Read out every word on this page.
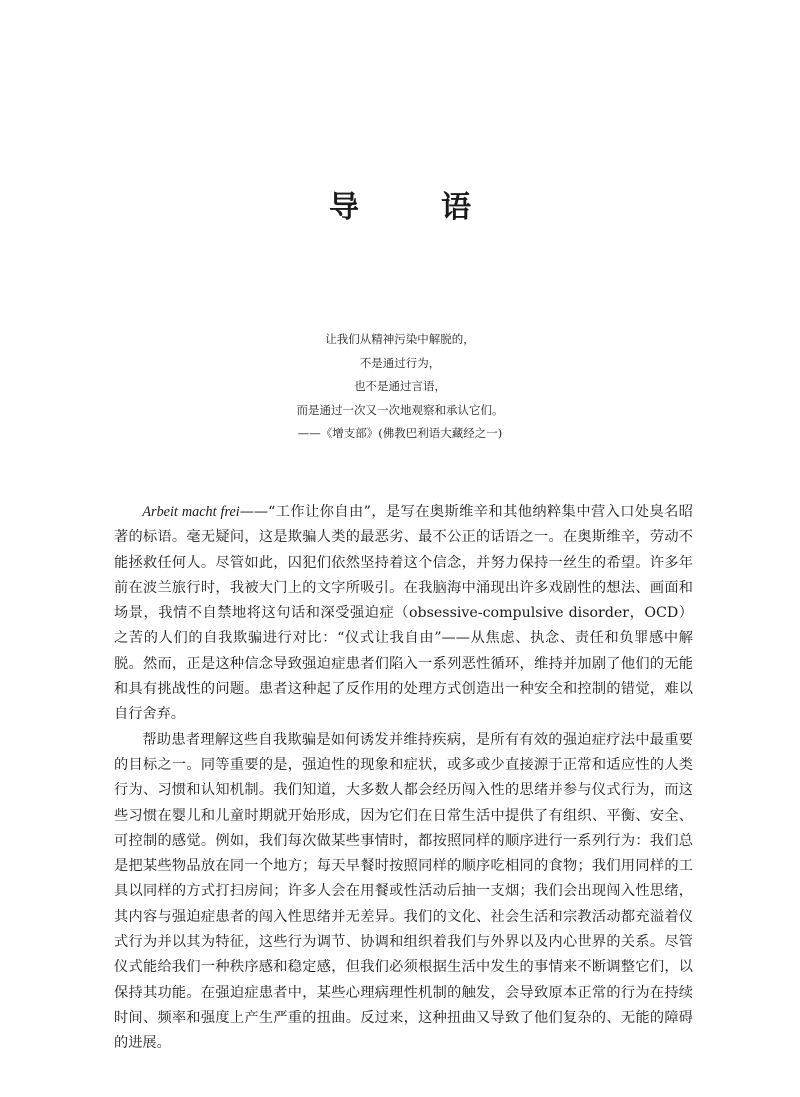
导　语

让我们从精神污染中解脱的，

不是通过行为，

也不是通过言语，

而是通过一次又一次地观察和承认它们。

——《增支部》(佛教巴利语大藏经之一)

Arbeit macht frei——“工作让你自由”，是写在奥斯维辛和其他纳粹集中营入口处臭名昭著的标语。毫无疑问，这是欺骗人类的最恶劣、最不公正的话语之一。在奥斯维辛，劳动不能拯救任何人。尽管如此，囚犯们依然坚持着这个信念，并努力保持一丝生的希望。许多年前在波兰旅行时，我被大门上的文字所吸引。在我脑海中涌现出许多戏剧性的想法、画面和场景，我情不自禁地将这句话和深受强迫症（obsessive-compulsive disorder，OCD）之苦的人们的自我欺骗进行对比：“仪式让我自由”——从焦虑、执念、责任和负罪感中解脱。然而，正是这种信念导致强迫症患者们陷入一系列恶性循环，维持并加剧了他们的无能和具有挑战性的问题。患者这种起了反作用的处理方式创造出一种安全和控制的错觉，难以自行舍弃。

帮助患者理解这些自我欺骗是如何诱发并维持疾病，是所有有效的强迫症疗法中最重要的目标之一。同等重要的是，强迫性的现象和症状，或多或少直接源于正常和适应性的人类行为、习惯和认知机制。我们知道，大多数人都会经历闯入性的思绪并参与仪式行为，而这些习惯在婴儿和儿童时期就开始形成，因为它们在日常生活中提供了有组织、平衡、安全、可控制的感觉。例如，我们每次做某些事情时，都按照同样的顺序进行一系列行为：我们总是把某些物品放在同一个地方；每天早餐时按照同样的顺序吃相同的食物；我们用同样的工具以同样的方式打扫房间；许多人会在用餐或性活动后抽一支烟；我们会出现闯入性思绪，其内容与强迫症患者的闯入性思绪并无差异。我们的文化、社会生活和宗教活动都充溢着仪式行为并以其为特征，这些行为调节、协调和组织着我们与外界以及内心世界的关系。尽管仪式能给我们一种秩序感和稳定感，但我们必须根据生活中发生的事情来不断调整它们，以保持其功能。在强迫症患者中，某些心理病理性机制的触发，会导致原本正常的行为在持续时间、频率和强度上产生严重的扭曲。反过来，这种扭曲又导致了他们复杂的、无能的障碍的进展。
